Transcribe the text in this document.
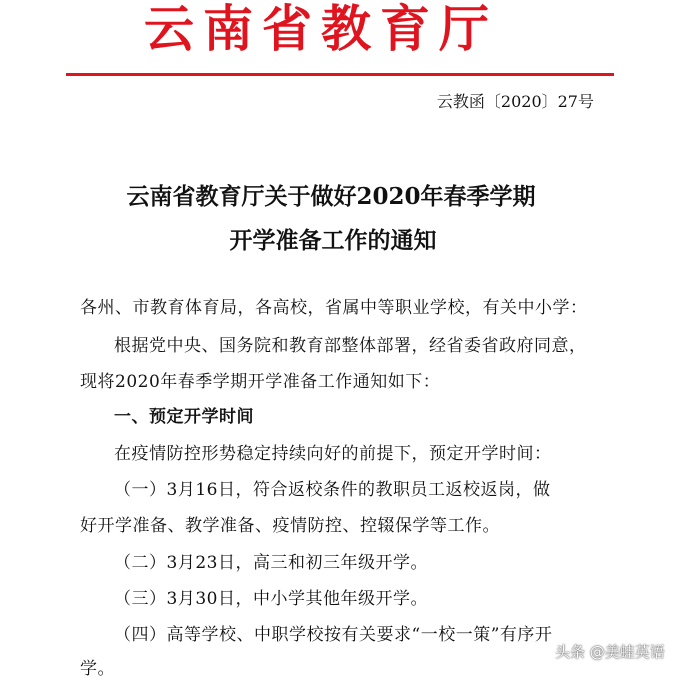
云南省教育厅
云教函〔2020〕27号
云南省教育厅关于做好2020年春季学期
开学准备工作的通知
各州、市教育体育局，各高校，省属中等职业学校，有关中小学：
根据党中央、国务院和教育部整体部署，经省委省政府同意，
现将2020年春季学期开学准备工作通知如下：
一、预定开学时间
在疫情防控形势稳定持续向好的前提下，预定开学时间：
（一）3月16日，符合返校条件的教职员工返校返岗，做
好开学准备、教学准备、疫情防控、控辍保学等工作。
（二）3月23日，高三和初三年级开学。
（三）3月30日，中小学其他年级开学。
（四）高等学校、中职学校按有关要求“一校一策”有序开
学。
头条 @美蛙英语
